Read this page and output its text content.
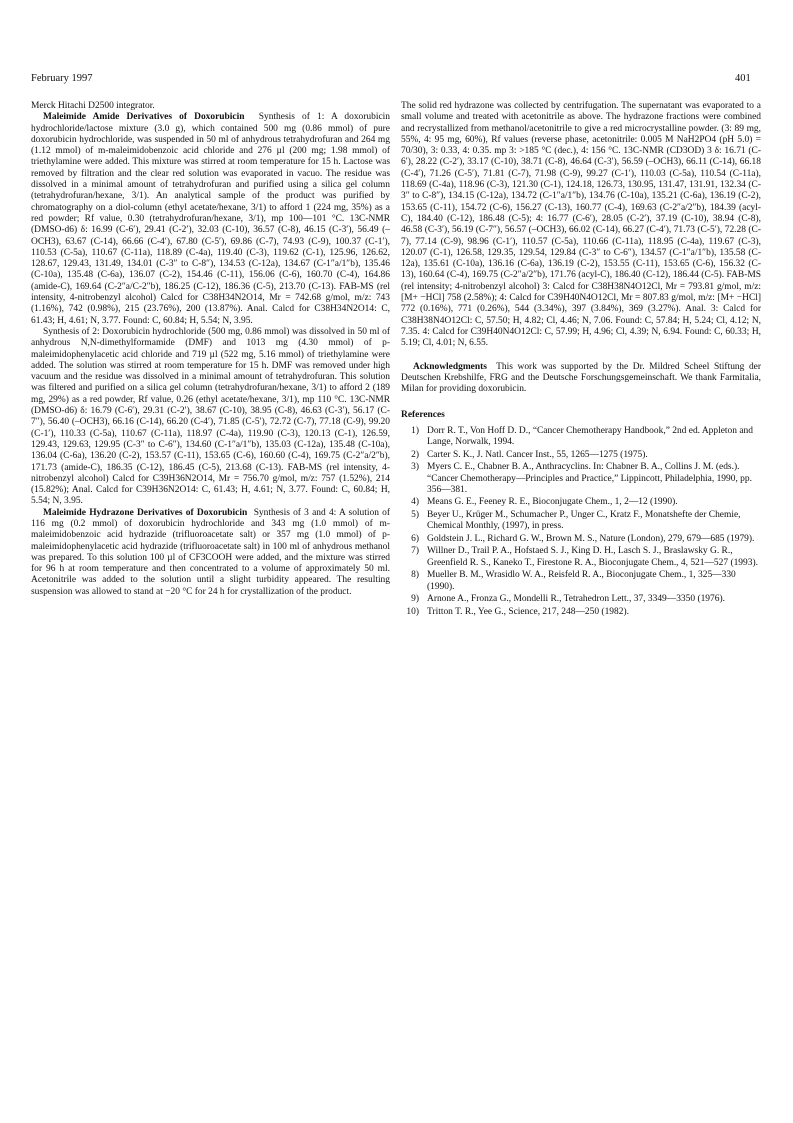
February 1997	401

Merck Hitachi D2500 integrator.

Maleimide Amide Derivatives of Doxorubicin Synthesis of 1: A doxorubicin hydrochloride/lactose mixture (3.0 g), which contained 500 mg (0.86 mmol) of pure doxorubicin hydrochloride, was suspended in 50 ml of anhydrous tetrahydrofuran and 264 mg (1.12 mmol) of m-maleimidobenzoic acid chloride and 276 µl (200 mg; 1.98 mmol) of triethylamine were added. This mixture was stirred at room temperature for 15 h. Lactose was removed by filtration and the clear red solution was evaporated in vacuo. The residue was dissolved in a minimal amount of tetrahydrofuran and purified using a silica gel column (tetrahydrofuran/hexane, 3/1). An analytical sample of the product was purified by chromatography on a diol-column (ethyl acetate/hexane, 3/1) to afford 1 (224 mg, 35%) as a red powder; Rf value, 0.30 (tetrahydrofuran/hexane, 3/1), mp 100—101 °C. 13C-NMR (DMSO-d6) δ: 16.99 (C-6′), 29.41 (C-2′), 32.03 (C-10), 36.57 (C-8), 46.15 (C-3′), 56.49 (–OCH3), 63.67 (C-14), 66.66 (C-4′), 67.80 (C-5′), 69.86 (C-7), 74.93 (C-9), 100.37 (C-1′), 110.53 (C-5a), 110.67 (C-11a), 118.89 (C-4a), 119.40 (C-3), 119.62 (C-1), 125.96, 126.62, 128.67, 129.43, 131.49, 134.01 (C-3″ to C-8″), 134.53 (C-12a), 134.67 (C-1″a/1″b), 135.46 (C-10a), 135.48 (C-6a), 136.07 (C-2), 154.46 (C-11), 156.06 (C-6), 160.70 (C-4), 164.86 (amide-C), 169.64 (C-2″a/C-2″b), 186.25 (C-12), 186.36 (C-5), 213.70 (C-13). FAB-MS (rel intensity, 4-nitrobenzyl alcohol) Calcd for C38H34N2O14, Mr = 742.68 g/mol, m/z: 743 (1.16%), 742 (0.98%), 215 (23.76%), 200 (13.87%). Anal. Calcd for C38H34N2O14: C, 61.43; H, 4.61; N, 3.77. Found: C, 60.84; H, 5.54; N, 3.95.

Synthesis of 2: Doxorubicin hydrochloride (500 mg, 0.86 mmol) was dissolved in 50 ml of anhydrous N,N-dimethylformamide (DMF) and 1013 mg (4.30 mmol) of p-maleimidophenylacetic acid chloride and 719 µl (522 mg, 5.16 mmol) of triethylamine were added. The solution was stirred at room temperature for 15 h. DMF was removed under high vacuum and the residue was dissolved in a minimal amount of tetrahydrofuran. This solution was filtered and purified on a silica gel column (tetrahydrofuran/hexane, 3/1) to afford 2 (189 mg, 29%) as a red powder, Rf value, 0.26 (ethyl acetate/hexane, 3/1), mp 110 °C. 13C-NMR (DMSO-d6) δ: 16.79 (C-6′), 29.31 (C-2′), 38.67 (C-10), 38.95 (C-8), 46.63 (C-3′), 56.17 (C-7″), 56.40 (–OCH3), 66.16 (C-14), 66.20 (C-4′), 71.85 (C-5′), 72.72 (C-7), 77.18 (C-9), 99.20 (C-1′), 110.33 (C-5a), 110.67 (C-11a), 118.97 (C-4a), 119.90 (C-3), 120.13 (C-1), 126.59, 129.43, 129.63, 129.95 (C-3″ to C-6″), 134.60 (C-1″a/1″b), 135.03 (C-12a), 135.48 (C-10a), 136.04 (C-6a), 136.20 (C-2), 153.57 (C-11), 153.65 (C-6), 160.60 (C-4), 169.75 (C-2″a/2″b), 171.73 (amide-C), 186.35 (C-12), 186.45 (C-5), 213.68 (C-13). FAB-MS (rel intensity, 4-nitrobenzyl alcohol) Calcd for C39H36N2O14, Mr = 756.70 g/mol, m/z: 757 (1.52%), 214 (15.82%); Anal. Calcd for C39H36N2O14: C, 61.43; H, 4.61; N, 3.77. Found: C, 60.84; H, 5.54; N, 3.95.

Maleimide Hydrazone Derivatives of Doxorubicin Synthesis of 3 and 4: A solution of 116 mg (0.2 mmol) of doxorubicin hydrochloride and 343 mg (1.0 mmol) of m-maleimidobenzoic acid hydrazide (trifluoroacetate salt) or 357 mg (1.0 mmol) of p-maleimidophenylacetic acid hydrazide (trifluoroacetate salt) in 100 ml of anhydrous methanol was prepared. To this solution 100 µl of CF3COOH were added, and the mixture was stirred for 96 h at room temperature and then concentrated to a volume of approximately 50 ml. Acetonitrile was added to the solution until a slight turbidity appeared. The resulting suspension was allowed to stand at −20 °C for 24 h for crystallization of the product.

The solid red hydrazone was collected by centrifugation. The supernatant was evaporated to a small volume and treated with acetonitrile as above. The hydrazone fractions were combined and recrystallized from methanol/acetonitrile to give a red microcrystalline powder. (3: 89 mg, 55%, 4: 95 mg, 60%), Rf values (reverse phase, acetonitrile: 0.005 M NaH2PO4 (pH 5.0) = 70/30), 3: 0.33, 4: 0.35. mp 3: >185 °C (dec.), 4: 156 °C. 13C-NMR (CD3OD) 3 δ: 16.71 (C-6′), 28.22 (C-2′), 33.17 (C-10), 38.71 (C-8), 46.64 (C-3′), 56.59 (–OCH3), 66.11 (C-14), 66.18 (C-4′), 71.26 (C-5′), 71.81 (C-7), 71.98 (C-9), 99.27 (C-1′), 110.03 (C-5a), 110.54 (C-11a), 118.69 (C-4a), 118.96 (C-3), 121.30 (C-1), 124.18, 126.73, 130.95, 131.47, 131.91, 132.34 (C-3″ to C-8″), 134.15 (C-12a), 134.72 (C-1″a/1″b), 134.76 (C-10a), 135.21 (C-6a), 136.19 (C-2), 153.65 (C-11), 154.72 (C-6), 156.27 (C-13), 160.77 (C-4), 169.63 (C-2″a/2″b), 184.39 (acyl-C), 184.40 (C-12), 186.48 (C-5); 4: 16.77 (C-6′), 28.05 (C-2′), 37.19 (C-10), 38.94 (C-8), 46.58 (C-3′), 56.19 (C-7″), 56.57 (–OCH3), 66.02 (C-14), 66.27 (C-4′), 71.73 (C-5′), 72.28 (C-7), 77.14 (C-9), 98.96 (C-1′), 110.57 (C-5a), 110.66 (C-11a), 118.95 (C-4a), 119.67 (C-3), 120.07 (C-1), 126.58, 129.35, 129.54, 129.84 (C-3″ to C-6″), 134.57 (C-1″a/1″b), 135.58 (C-12a), 135.61 (C-10a), 136.16 (C-6a), 136.19 (C-2), 153.55 (C-11), 153.65 (C-6), 156.32 (C-13), 160.64 (C-4), 169.75 (C-2″a/2″b), 171.76 (acyl-C), 186.40 (C-12), 186.44 (C-5). FAB-MS (rel intensity; 4-nitrobenzyl alcohol) 3: Calcd for C38H38N4O12Cl, Mr = 793.81 g/mol, m/z: [M+ −HCl] 758 (2.58%); 4: Calcd for C39H40N4O12Cl, Mr = 807.83 g/mol, m/z: [M+ −HCl] 772 (0.16%), 771 (0.26%), 544 (3.34%), 397 (3.84%), 369 (3.27%). Anal. 3: Calcd for C38H38N4O12Cl: C, 57.50; H, 4.82; Cl, 4.46; N, 7.06. Found: C, 57.84; H, 5.24; Cl, 4.12; N, 7.35. 4: Calcd for C39H40N4O12Cl: C, 57.99; H, 4.96; Cl, 4.39; N, 6.94. Found: C, 60.33; H, 5.19; Cl, 4.01; N, 6.55.

Acknowledgments This work was supported by the Dr. Mildred Scheel Stiftung der Deutschen Krebshilfe, FRG and the Deutsche Forschungsgemeinschaft. We thank Farmitalia, Milan for providing doxorubicin.

References

1) Dorr R. T., Von Hoff D. D., “Cancer Chemotherapy Handbook,” 2nd ed. Appleton and Lange, Norwalk, 1994.
2) Carter S. K., J. Natl. Cancer Inst., 55, 1265—1275 (1975).
3) Myers C. E., Chabner B. A., Anthracyclins. In: Chabner B. A., Collins J. M. (eds.). “Cancer Chemotherapy—Principles and Practice,” Lippincott, Philadelphia, 1990, pp. 356—381.
4) Means G. E., Feeney R. E., Bioconjugate Chem., 1, 2—12 (1990).
5) Beyer U., Krüger M., Schumacher P., Unger C., Kratz F., Monatshefte der Chemie, Chemical Monthly, (1997), in press.
6) Goldstein J. L., Richard G. W., Brown M. S., Nature (London), 279, 679—685 (1979).
7) Willner D., Trail P. A., Hofstaed S. J., King D. H., Lasch S. J., Braslawsky G. R., Greenfield R. S., Kaneko T., Firestone R. A., Bioconjugate Chem., 4, 521—527 (1993).
8) Mueller B. M., Wrasidlo W. A., Reisfeld R. A., Bioconjugate Chem., 1, 325—330 (1990).
9) Arnone A., Fronza G., Mondelli R., Tetrahedron Lett., 37, 3349—3350 (1976).
10) Tritton T. R., Yee G., Science, 217, 248—250 (1982).
